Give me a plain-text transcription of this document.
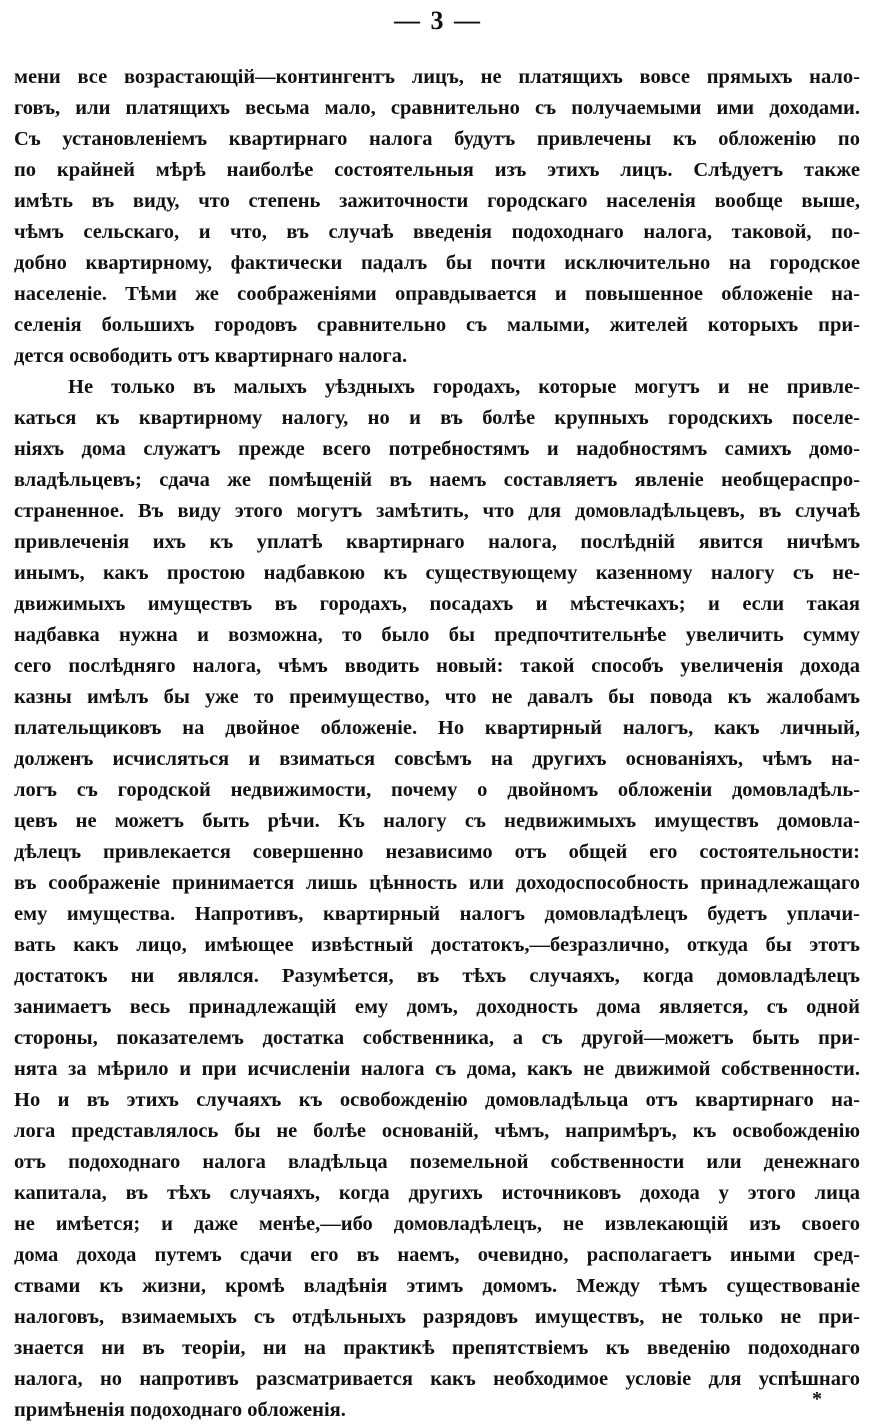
— 3 —
мени все возрастающій—контингентъ лицъ, не платящихъ вовсе прямыхъ нало-
говъ, или платящихъ весьма мало, сравнительно съ получаемыми ими доходами.
Съ установленіемъ квартирнаго налога будутъ привлечены къ обложенію по
по крайней мѣрѣ наиболѣе состоятельныя изъ этихъ лицъ. Слѣдуетъ также
имѣть въ виду, что степень зажиточности городскаго населенія вообще выше,
чѣмъ сельскаго, и что, въ случаѣ введенія подоходнаго налога, таковой, по-
добно квартирному, фактически падалъ бы почти исключительно на городское
населеніе. Тѣми же соображеніями оправдывается и повышенное обложеніе на-
селенія большихъ городовъ сравнительно съ малыми, жителей которыхъ при-
дется освободить отъ квартирнаго налога.
Не только въ малыхъ уѣздныхъ городахъ, которые могутъ и не привле-
каться къ квартирному налогу, но и въ болѣе крупныхъ городскихъ поселе-
ніяхъ дома служатъ прежде всего потребностямъ и надобностямъ самихъ домо-
владѣльцевъ; сдача же помѣщеній въ наемъ составляетъ явленіе необщераспро-
страненное. Въ виду этого могутъ замѣтить, что для домовладѣльцевъ, въ случаѣ
привлеченія ихъ къ уплатѣ квартирнаго налога, послѣдній явится ничѣмъ
инымъ, какъ простою надбавкою къ существующему казенному налогу съ не-
движимыхъ имуществъ въ городахъ, посадахъ и мѣстечкахъ; и если такая
надбавка нужна и возможна, то было бы предпочтительнѣе увеличить сумму
сего послѣдняго налога, чѣмъ вводить новый: такой способъ увеличенія дохода
казны имѣлъ бы уже то преимущество, что не давалъ бы повода къ жалобамъ
плательщиковъ на двойное обложеніе. Но квартирный налогъ, какъ личный,
долженъ исчисляться и взиматься совсѣмъ на другихъ основаніяхъ, чѣмъ на-
логъ съ городской недвижимости, почему о двойномъ обложеніи домовладѣль-
цевъ не можетъ быть рѣчи. Къ налогу съ недвижимыхъ имуществъ домовла-
дѣлецъ привлекается совершенно независимо отъ общей его состоятельности:
въ соображеніе принимается лишь цѣнность или доходоспособность принадлежащаго
ему имущества. Напротивъ, квартирный налогъ домовладѣлецъ будетъ уплачи-
вать какъ лицо, имѣющее извѣстный достатокъ,—безразлично, откуда бы этотъ
достатокъ ни являлся. Разумѣется, въ тѣхъ случаяхъ, когда домовладѣлецъ
занимаетъ весь принадлежащій ему домъ, доходность дома является, съ одной
стороны, показателемъ достатка собственника, а съ другой—можетъ быть при-
нята за мѣрило и при исчисленіи налога съ дома, какъ не движимой собственности.
Но и въ этихъ случаяхъ къ освобожденію домовладѣльца отъ квартирнаго на-
лога представлялось бы не болѣе основаній, чѣмъ, напримѣръ, къ освобожденію
отъ подоходнаго налога владѣльца поземельной собственности или денежнаго
капитала, въ тѣхъ случаяхъ, когда другихъ источниковъ дохода у этого лица
не имѣется; и даже менѣе,—ибо домовладѣлецъ, не извлекающій изъ своего
дома дохода путемъ сдачи его въ наемъ, очевидно, располагаетъ иными сред-
ствами къ жизни, кромѣ владѣнія этимъ домомъ. Между тѣмъ существованіе
налоговъ, взимаемыхъ съ отдѣльныхъ разрядовъ имуществъ, не только не при-
знается ни въ теоріи, ни на практикѣ препятствіемъ къ введенію подоходнаго
налога, но напротивъ разсматривается какъ необходимое условіе для успѣшнаго
примѣненія подоходнаго обложенія.	*
